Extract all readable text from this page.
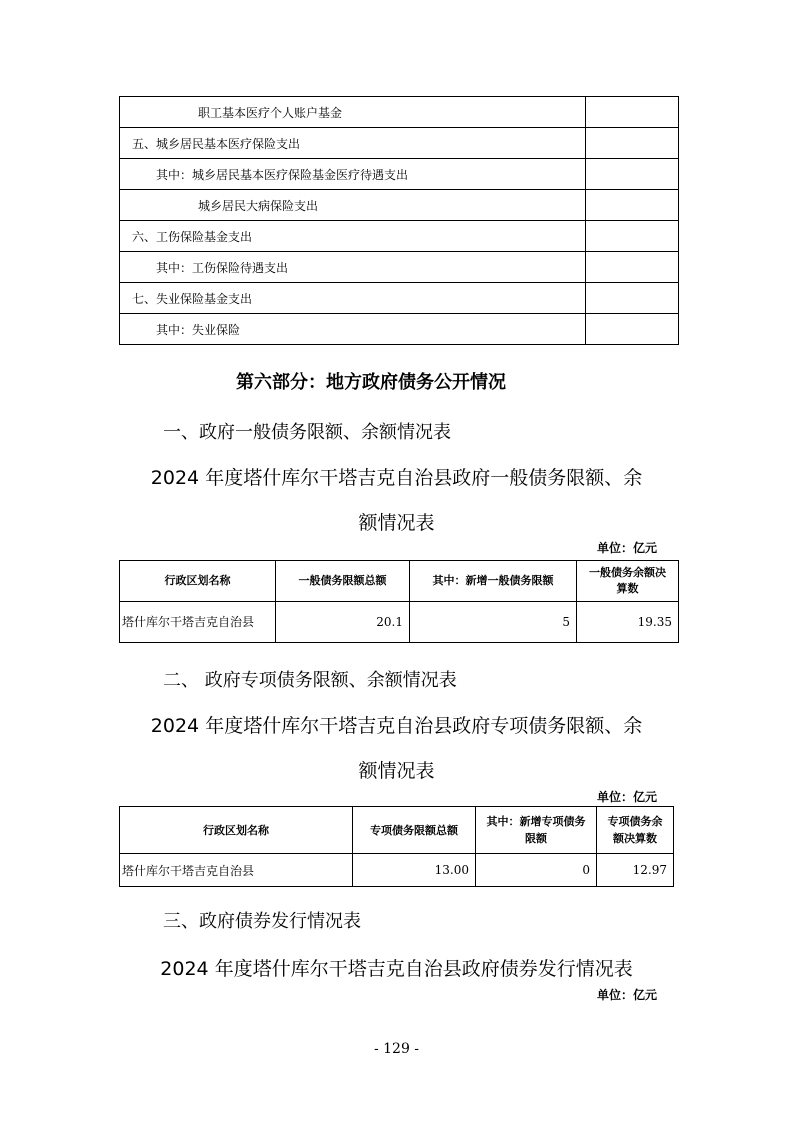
职工基本医疗个人账户基金	
五、城乡居民基本医疗保险支出	
其中：城乡居民基本医疗保险基金医疗待遇支出	
城乡居民大病保险支出	
六、工伤保险基金支出	
其中：工伤保险待遇支出	
七、失业保险基金支出	
其中：失业保险	
第六部分：地方政府债务公开情况
一、政府一般债务限额、余额情况表
2024 年度塔什库尔干塔吉克自治县政府一般债务限额、余
额情况表
单位：亿元
行政区划名称	一般债务限额总额	其中：新增一般债务限额	一般债务余额决算数
塔什库尔干塔吉克自治县	20.1	5	19.35
二、 政府专项债务限额、余额情况表
2024 年度塔什库尔干塔吉克自治县政府专项债务限额、余
额情况表
单位：亿元
行政区划名称	专项债务限额总额	其中：新增专项债务限额	专项债务余额决算数
塔什库尔干塔吉克自治县	13.00	0	12.97
三、政府债券发行情况表
2024 年度塔什库尔干塔吉克自治县政府债券发行情况表
单位：亿元
- 129 -
